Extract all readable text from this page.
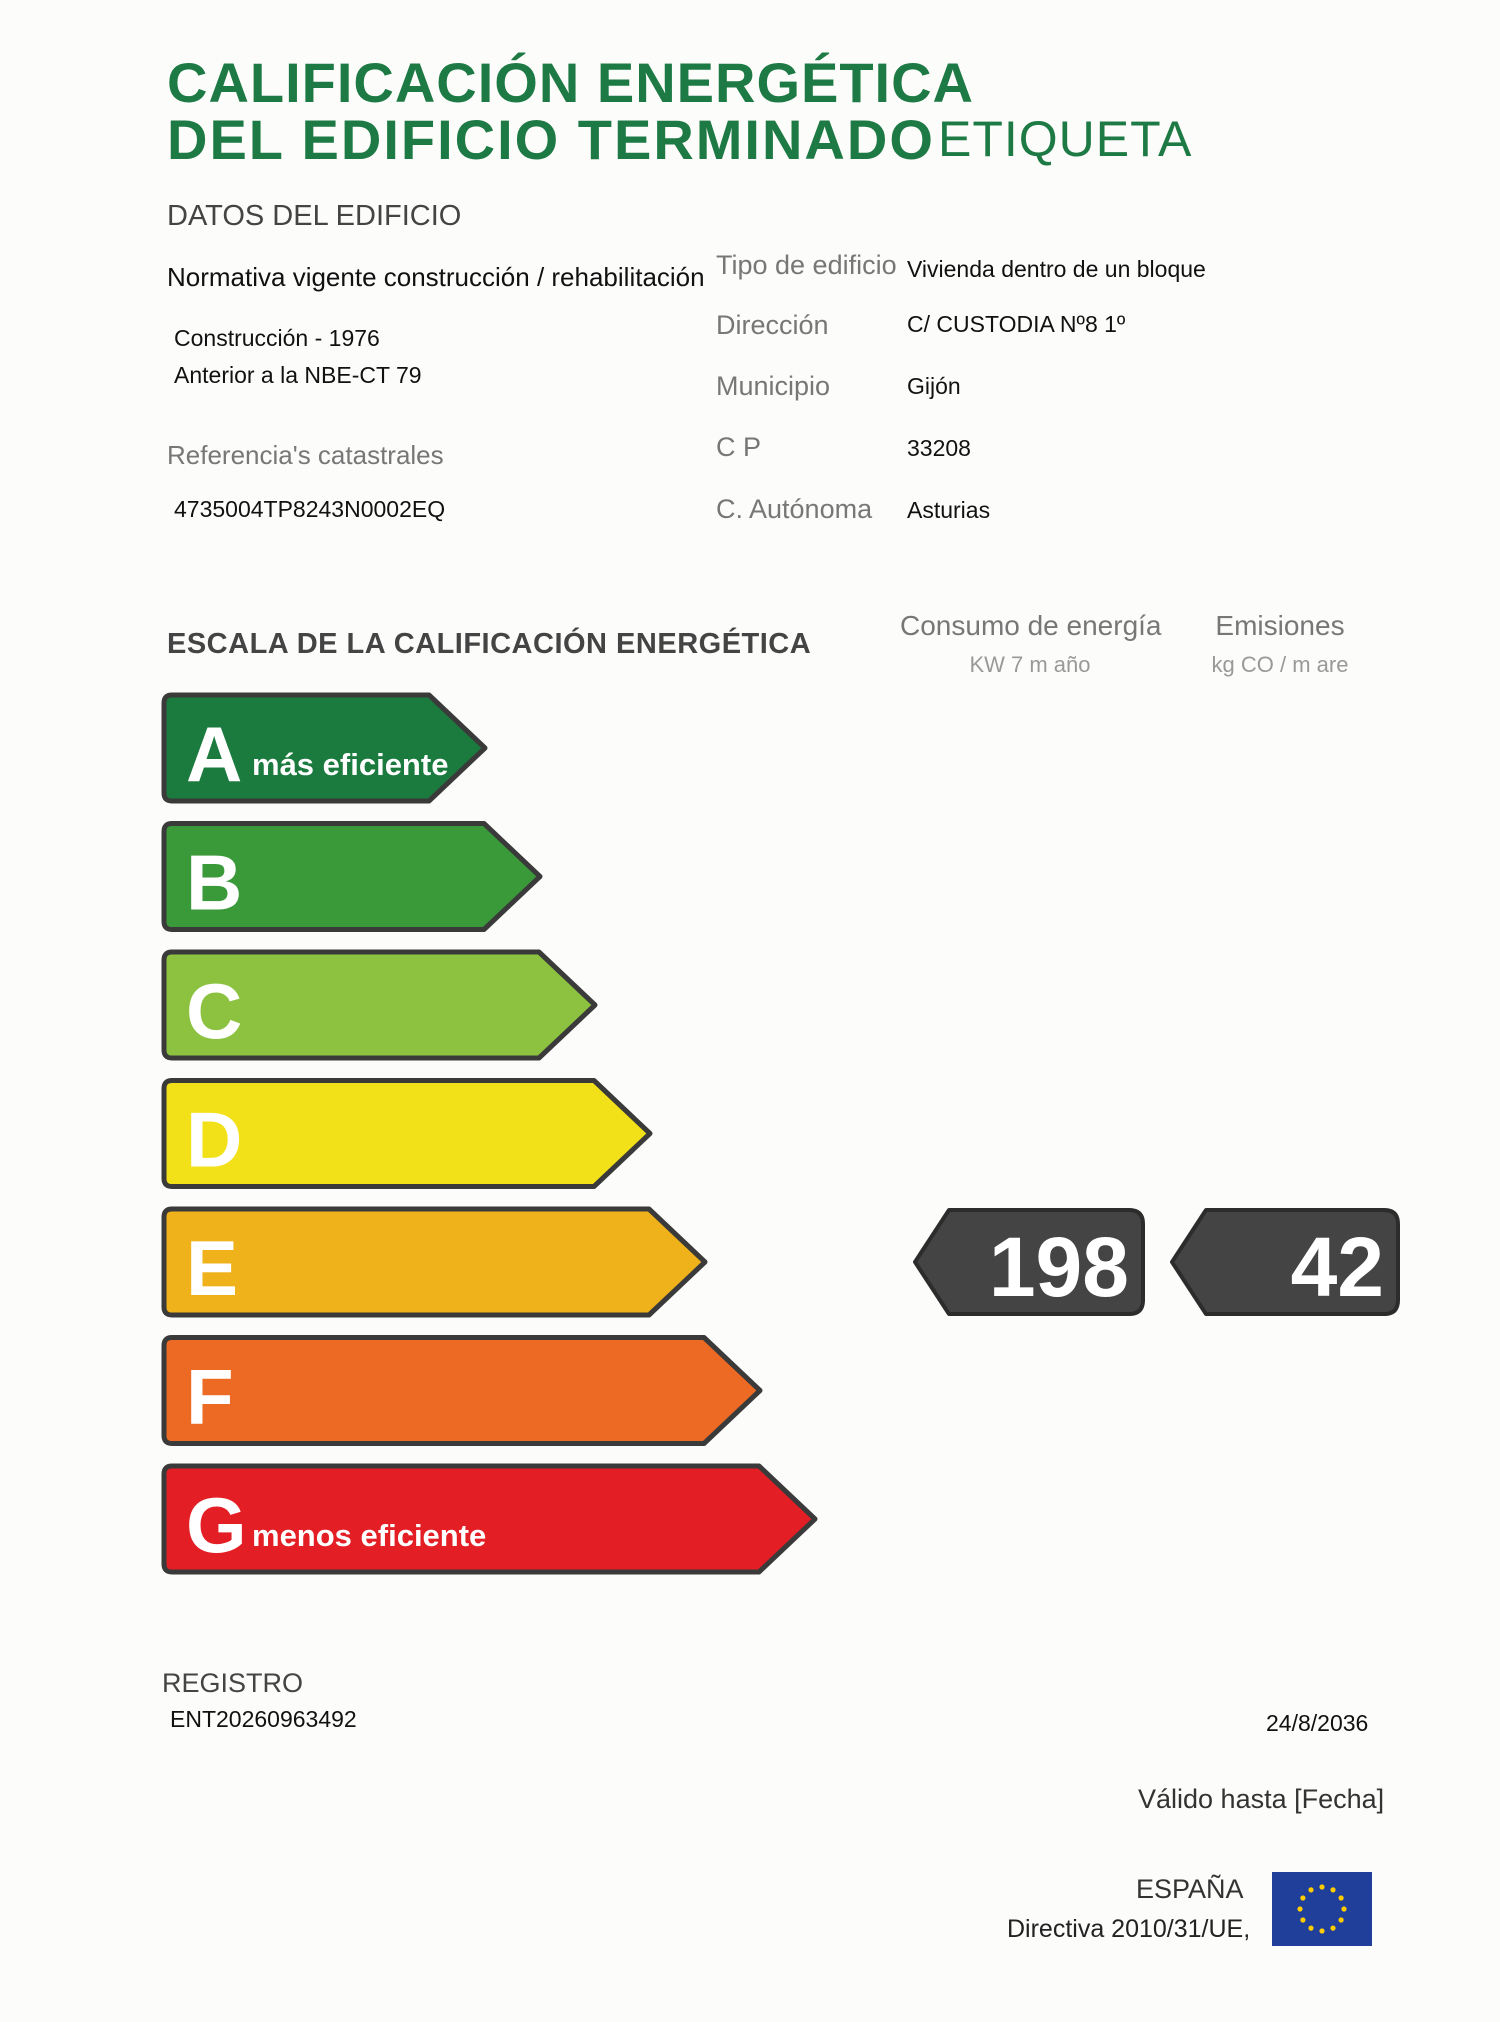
CALIFICACIÓN ENERGÉTICA
DEL EDIFICIO TERMINADO ETIQUETA
DATOS DEL EDIFICIO
Normativa vigente construcción / rehabilitación
Construcción - 1976
Anterior a la NBE-CT 79
Referencia's catastrales
4735004TP8243N0002EQ
Tipo de edificio Vivienda dentro de un bloque
Dirección	C/ CUSTODIA Nº8 1º
Municipio	Gijón
C P	33208
C. Autónoma Asturias
ESCALA DE LA CALIFICACIÓN ENERGÉTICA
Consumo de energía
KW 7 m año
Emisiones
kg CO / m are
A más eficiente
B
C
D
E
F
G menos eficiente
198 42
REGISTRO
ENT20260963492	24/8/2036
Válido hasta [Fecha]
ESPAÑA
Directiva 2010/31/UE,
